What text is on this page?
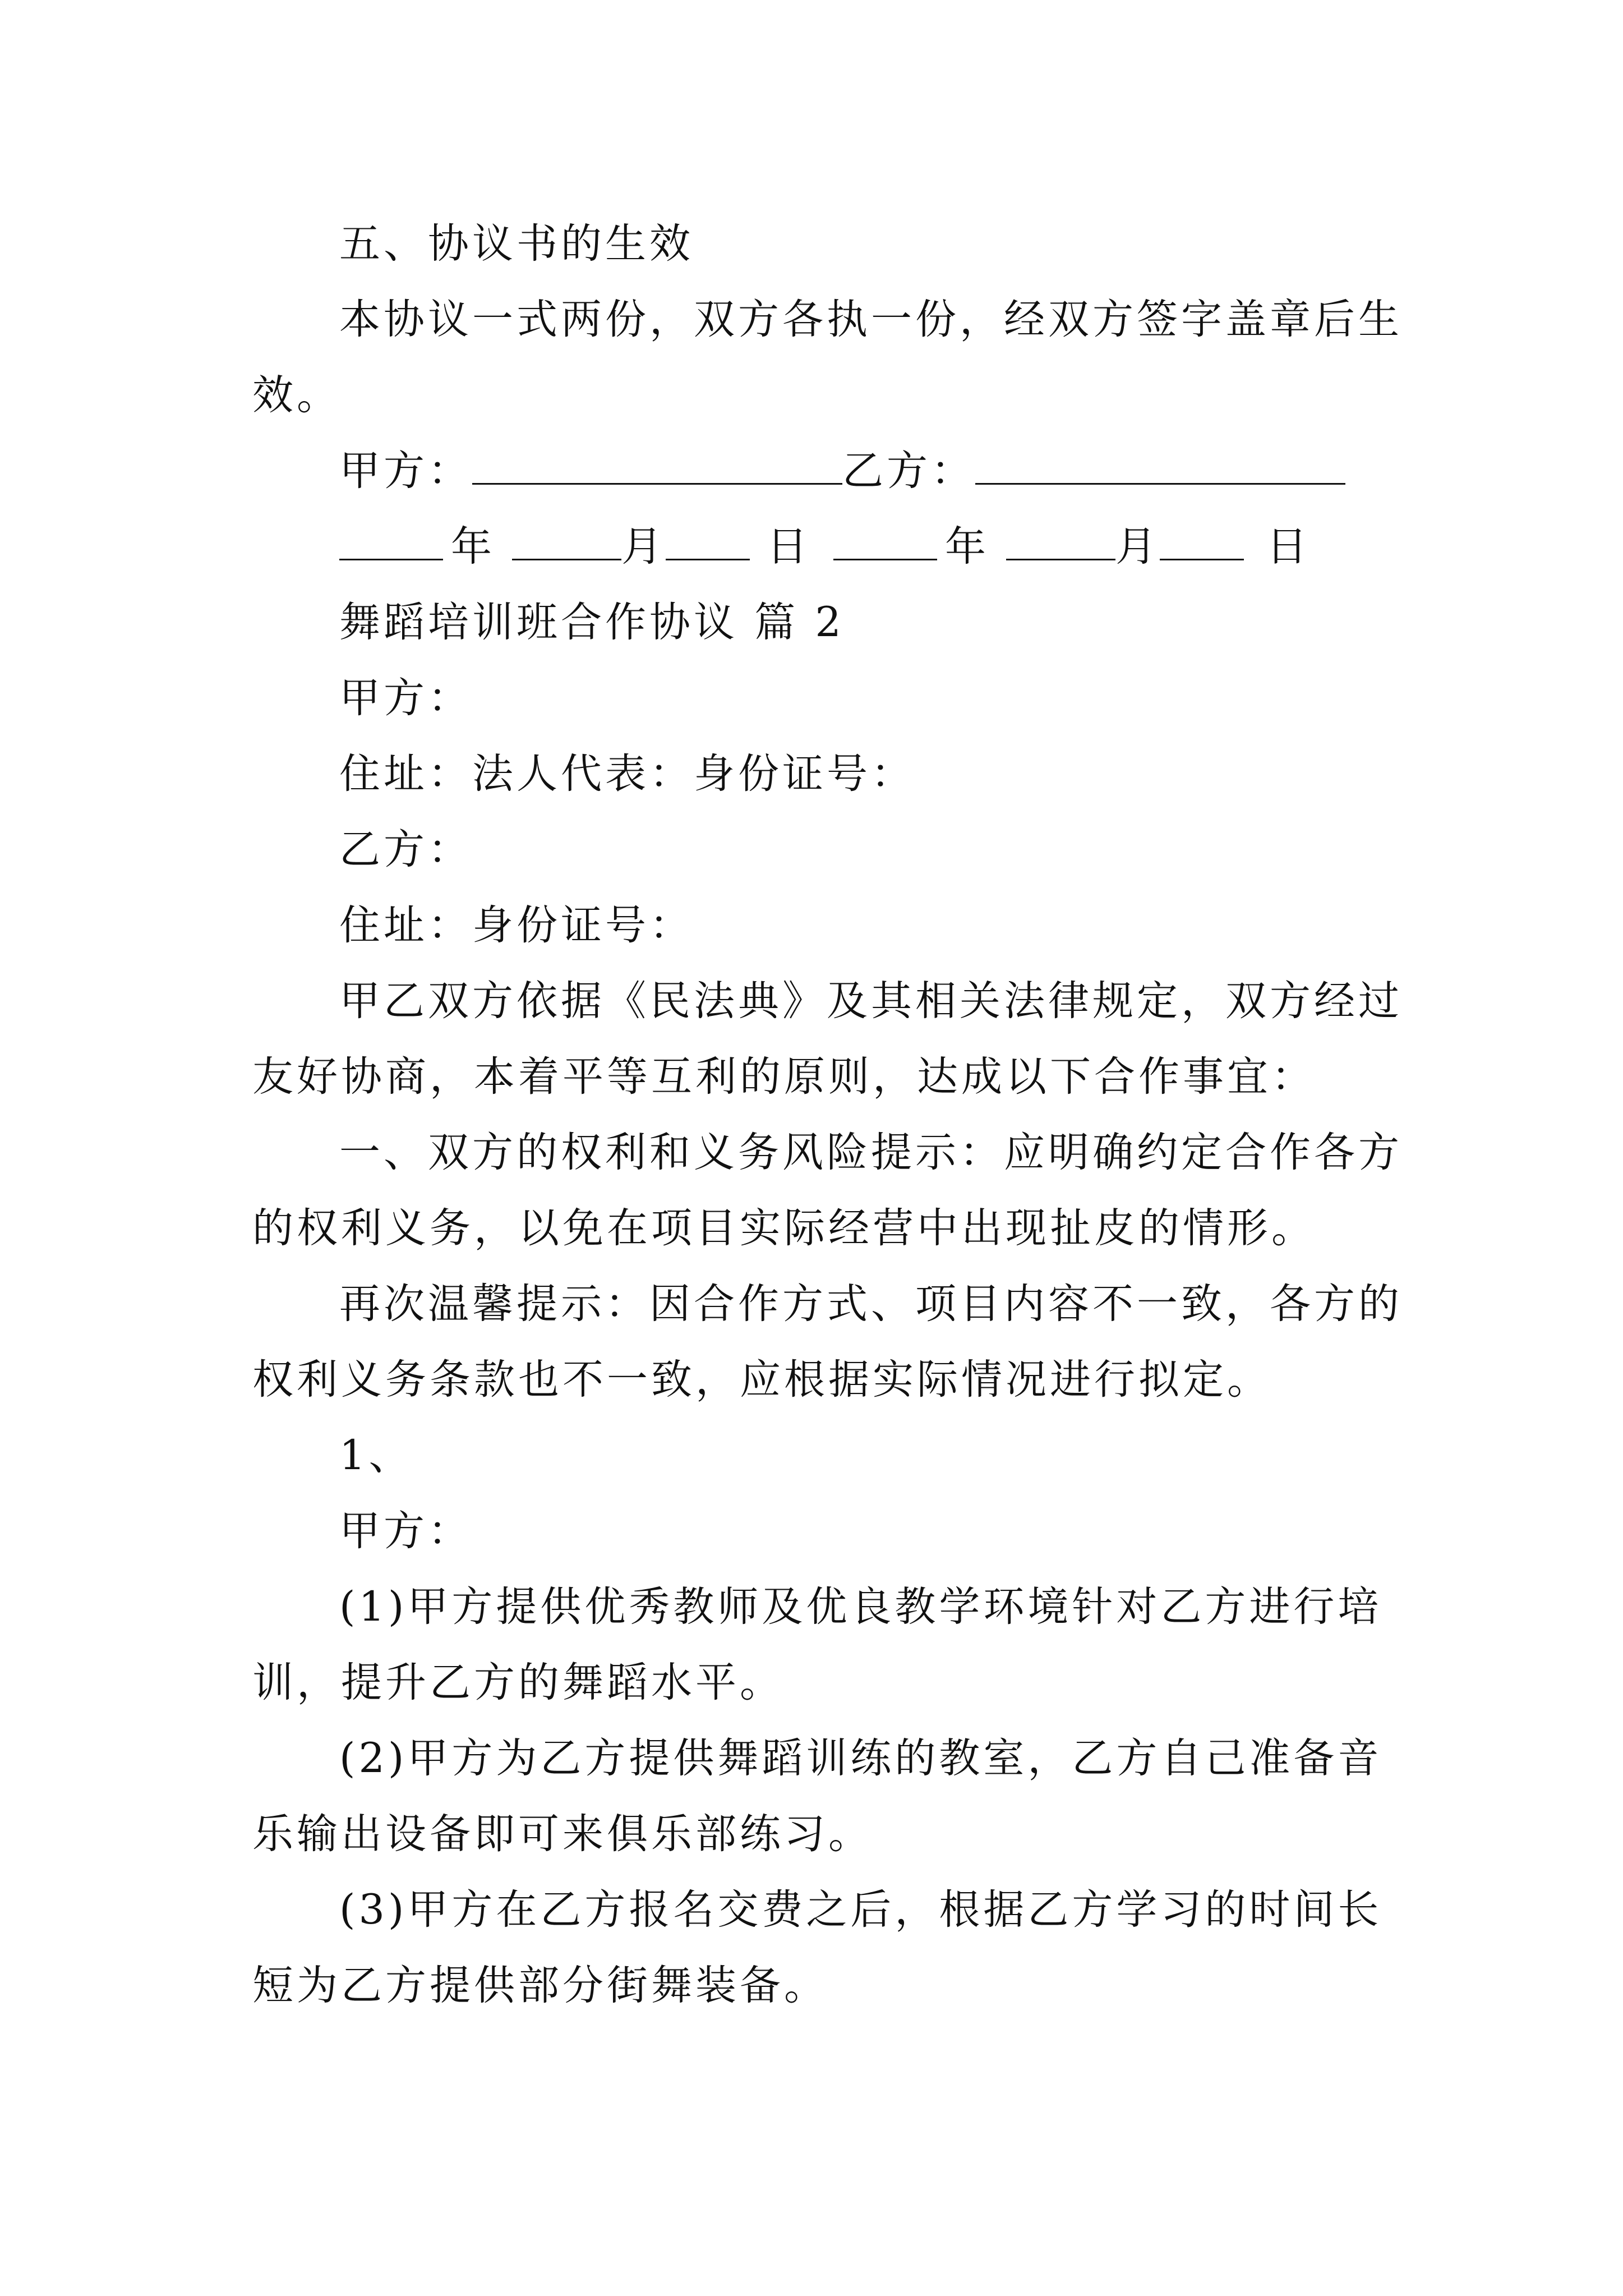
五、协议书的生效
本协议一式两份，双方各执一份，经双方签字盖章后生
效。
甲方：	乙方：
年	月 日	年	月	日
舞蹈培训班合作协议 篇 2
甲方：
住址：法人代表：身份证号：
乙方：
住址：身份证号：
甲乙双方依据《民法典》及其相关法律规定，双方经过
友好协商，本着平等互利的原则，达成以下合作事宜：
一、双方的权利和义务风险提示：应明确约定合作各方
的权利义务，以免在项目实际经营中出现扯皮的情形。
再次温馨提示：因合作方式、项目内容不一致，各方的
权利义务条款也不一致，应根据实际情况进行拟定。
1、
甲方：
(1)甲方提供优秀教师及优良教学环境针对乙方进行培
训，提升乙方的舞蹈水平。
(2)甲方为乙方提供舞蹈训练的教室，乙方自己准备音
乐输出设备即可来俱乐部练习。
(3)甲方在乙方报名交费之后，根据乙方学习的时间长
短为乙方提供部分街舞装备。
